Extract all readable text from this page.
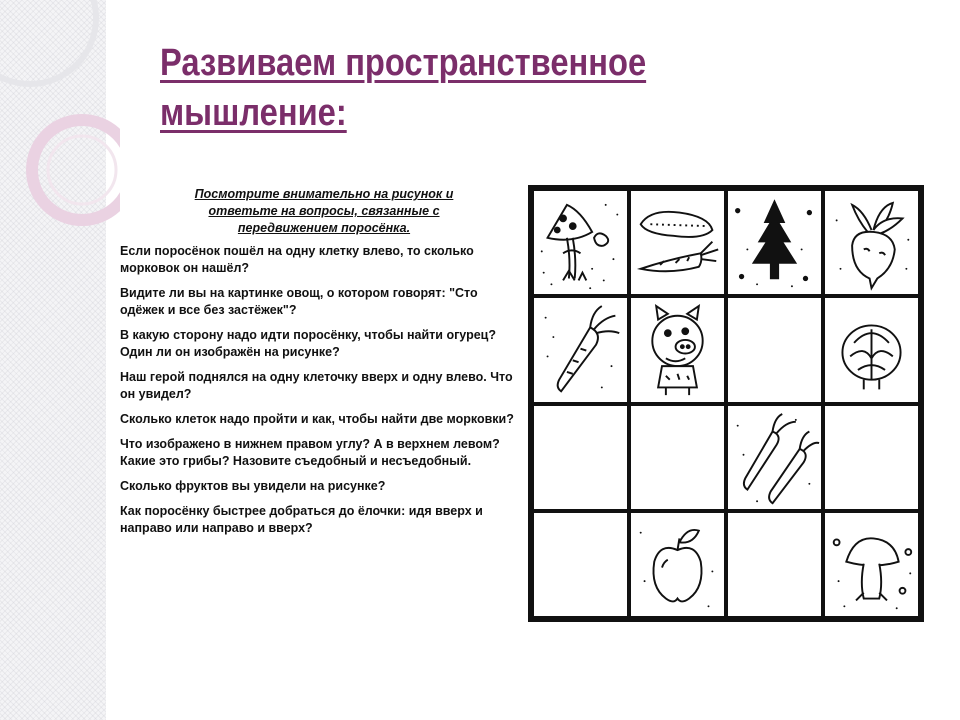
Развиваем пространственное мышление:

Посмотрите внимательно на рисунок и ответьте на вопросы, связанные с передвижением поросёнка.

Если поросёнок пошёл на одну клетку влево, то сколько морковок он нашёл?

Видите ли вы на картинке овощ, о котором говорят: "Сто одёжек и все без застёжек"?

В какую сторону надо идти поросёнку, чтобы найти огурец? Один ли он изображён на рисунке?

Наш герой поднялся на одну клеточку вверх и одну влево. Что он увидел?

Сколько клеток надо пройти и как, чтобы найти две морковки?

Что изображено в нижнем правом углу? А в верхнем левом? Какие это грибы? Назовите съедобный и несъедобный.

Сколько фруктов вы увидели на рисунке?

Как поросёнку быстрее добраться до ёлочки: идя вверх и направо или направо и вверх?
